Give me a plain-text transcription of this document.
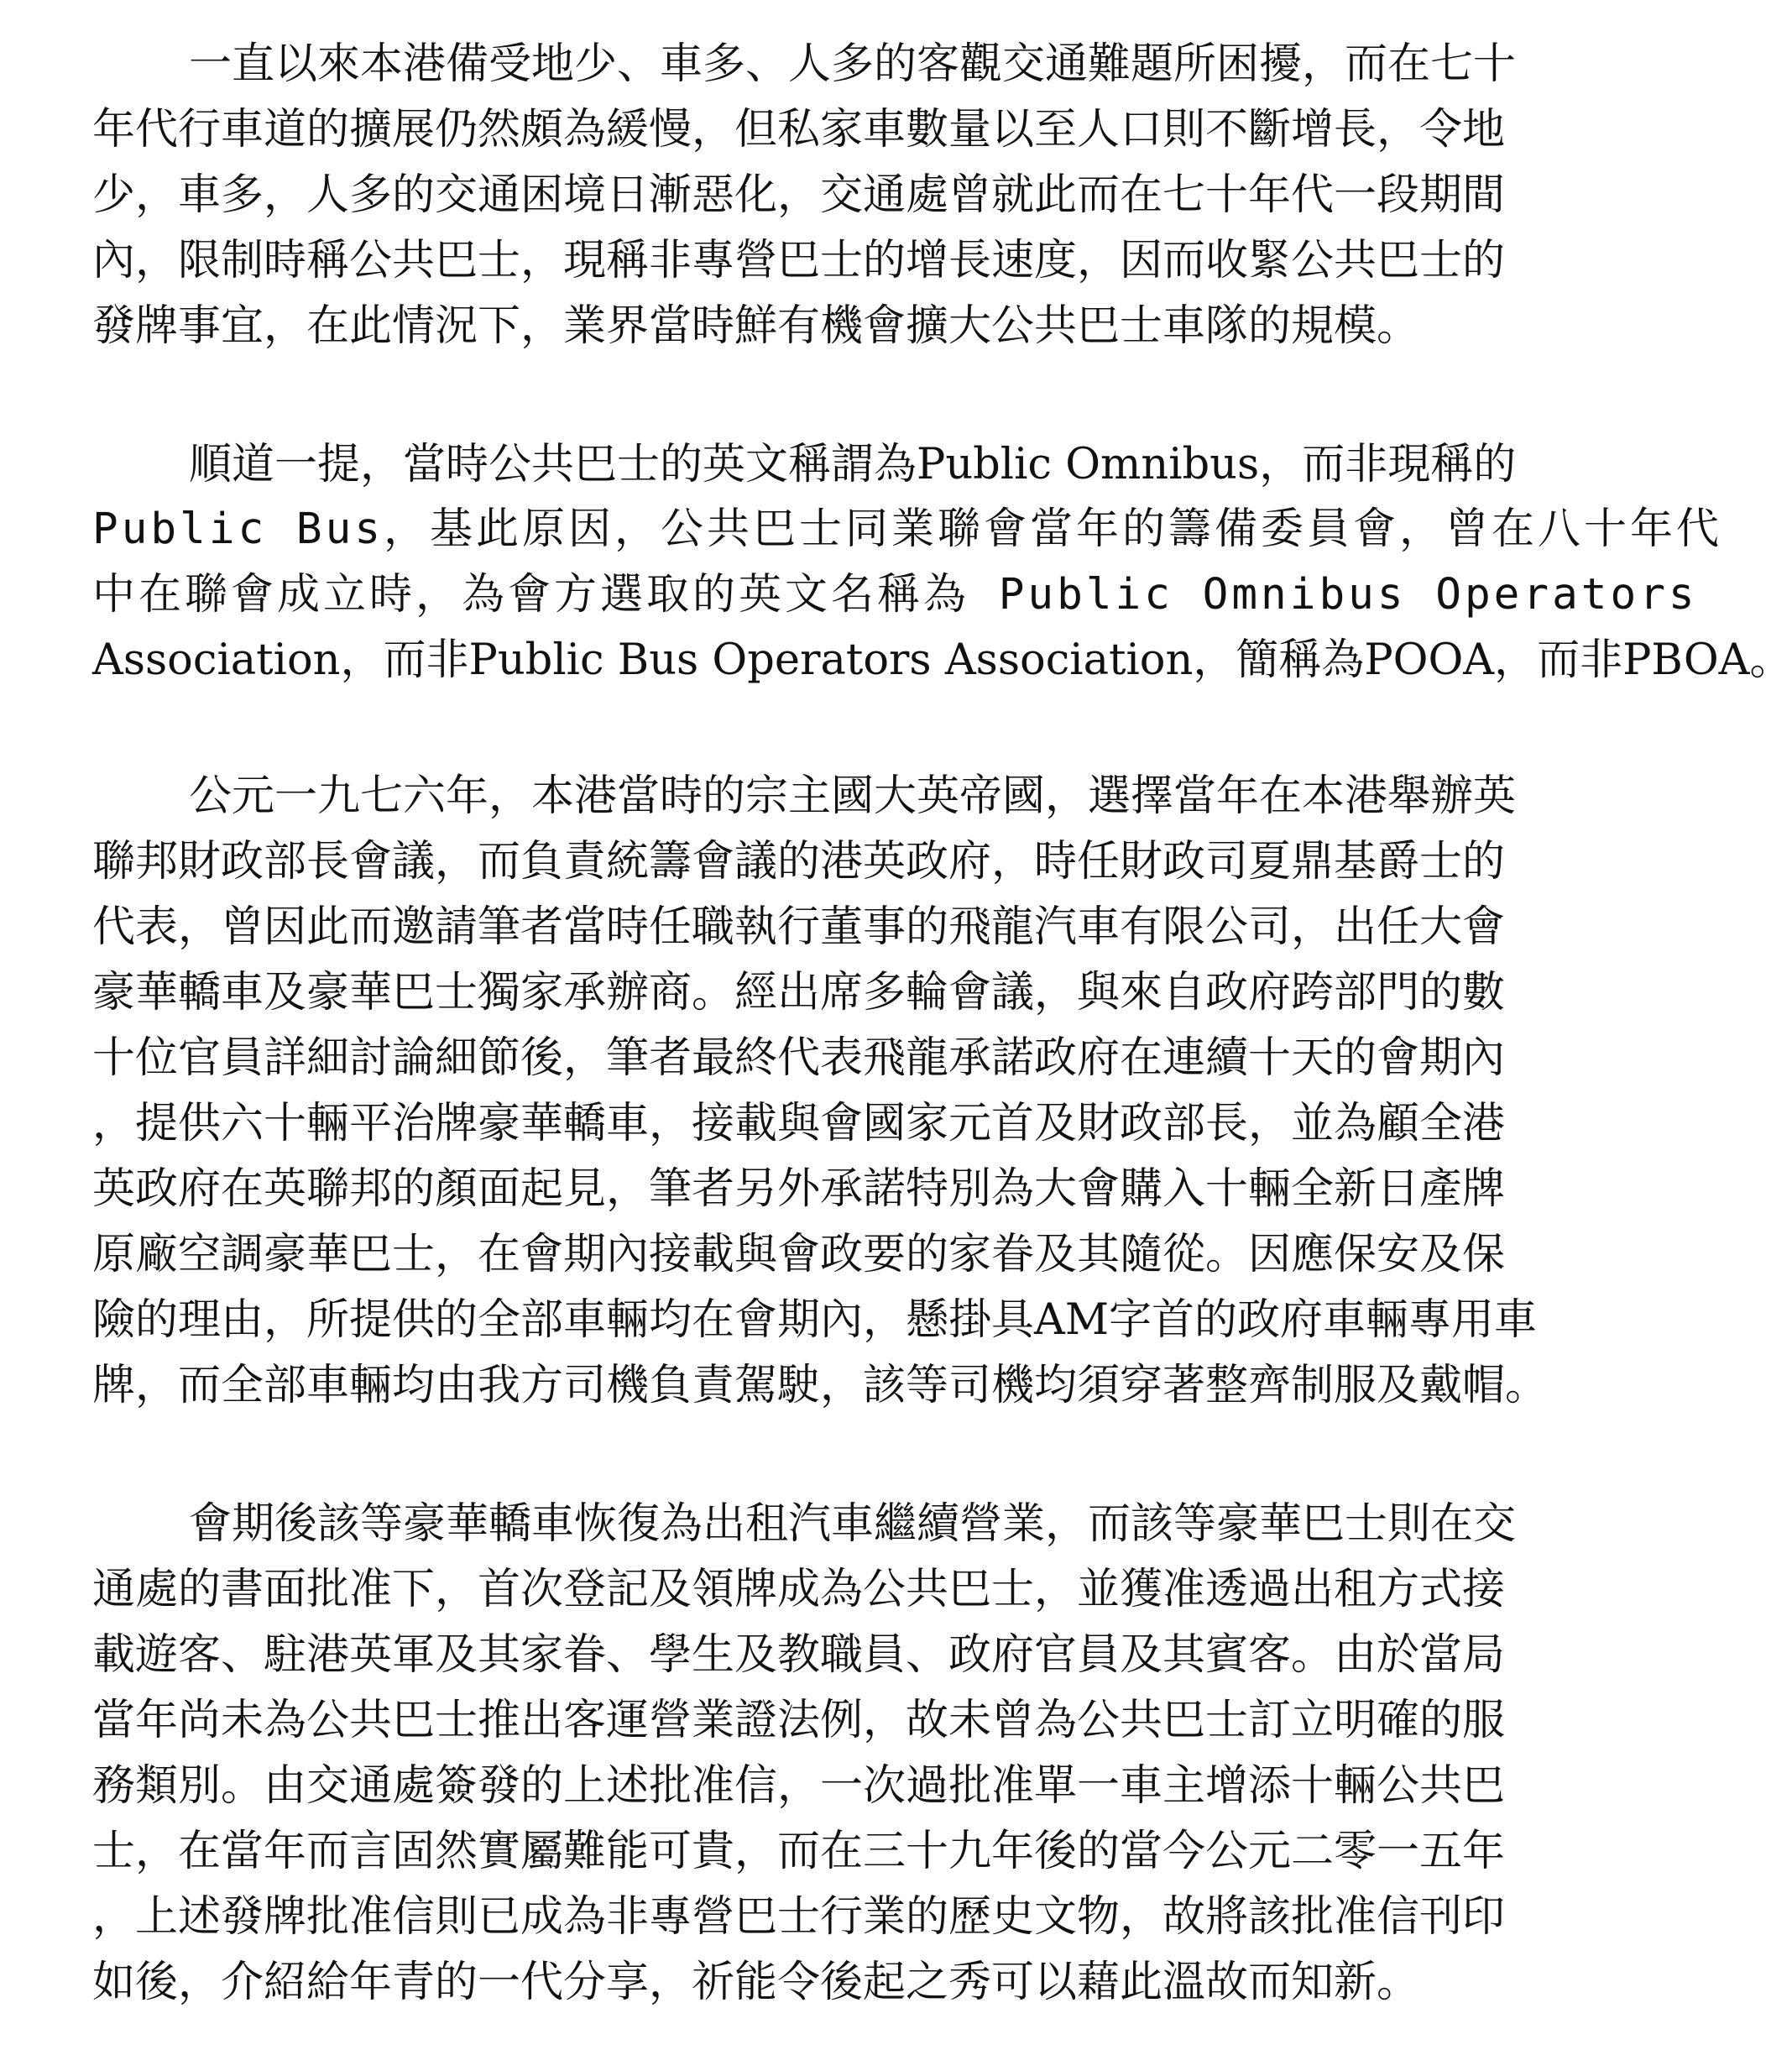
一直以來本港備受地少、車多、人多的客觀交通難題所困擾，而在七十
年代行車道的擴展仍然頗為緩慢，但私家車數量以至人口則不斷增長，令地
少，車多，人多的交通困境日漸惡化，交通處曾就此而在七十年代一段期間
內，限制時稱公共巴士，現稱非專營巴士的增長速度，因而收緊公共巴士的
發牌事宜，在此情況下，業界當時鮮有機會擴大公共巴士車隊的規模。
順道一提，當時公共巴士的英文稱謂為Public Omnibus，而非現稱的
Public Bus，基此原因，公共巴士同業聯會當年的籌備委員會，曾在八十年代
中在聯會成立時，為會方選取的英文名稱為 Public Omnibus Operators
Association，而非Public Bus Operators Association，簡稱為POOA，而非PBOA。
公元一九七六年，本港當時的宗主國大英帝國，選擇當年在本港舉辦英
聯邦財政部長會議，而負責統籌會議的港英政府，時任財政司夏鼎基爵士的
代表，曾因此而邀請筆者當時任職執行董事的飛龍汽車有限公司，出任大會
豪華轎車及豪華巴士獨家承辦商。經出席多輪會議，與來自政府跨部門的數
十位官員詳細討論細節後，筆者最終代表飛龍承諾政府在連續十天的會期內
，提供六十輛平治牌豪華轎車，接載與會國家元首及財政部長，並為顧全港
英政府在英聯邦的顏面起見，筆者另外承諾特別為大會購入十輛全新日產牌
原廠空調豪華巴士，在會期內接載與會政要的家眷及其隨從。因應保安及保
險的理由，所提供的全部車輛均在會期內，懸掛具AM字首的政府車輛專用車
牌，而全部車輛均由我方司機負責駕駛，該等司機均須穿著整齊制服及戴帽。
會期後該等豪華轎車恢復為出租汽車繼續營業，而該等豪華巴士則在交
通處的書面批准下，首次登記及領牌成為公共巴士，並獲准透過出租方式接
載遊客、駐港英軍及其家眷、學生及教職員、政府官員及其賓客。由於當局
當年尚未為公共巴士推出客運營業證法例，故未曾為公共巴士訂立明確的服
務類別。由交通處簽發的上述批准信，一次過批准單一車主增添十輛公共巴
士，在當年而言固然實屬難能可貴，而在三十九年後的當今公元二零一五年
，上述發牌批准信則已成為非專營巴士行業的歷史文物，故將該批准信刊印
如後，介紹給年青的一代分享，祈能令後起之秀可以藉此溫故而知新。
